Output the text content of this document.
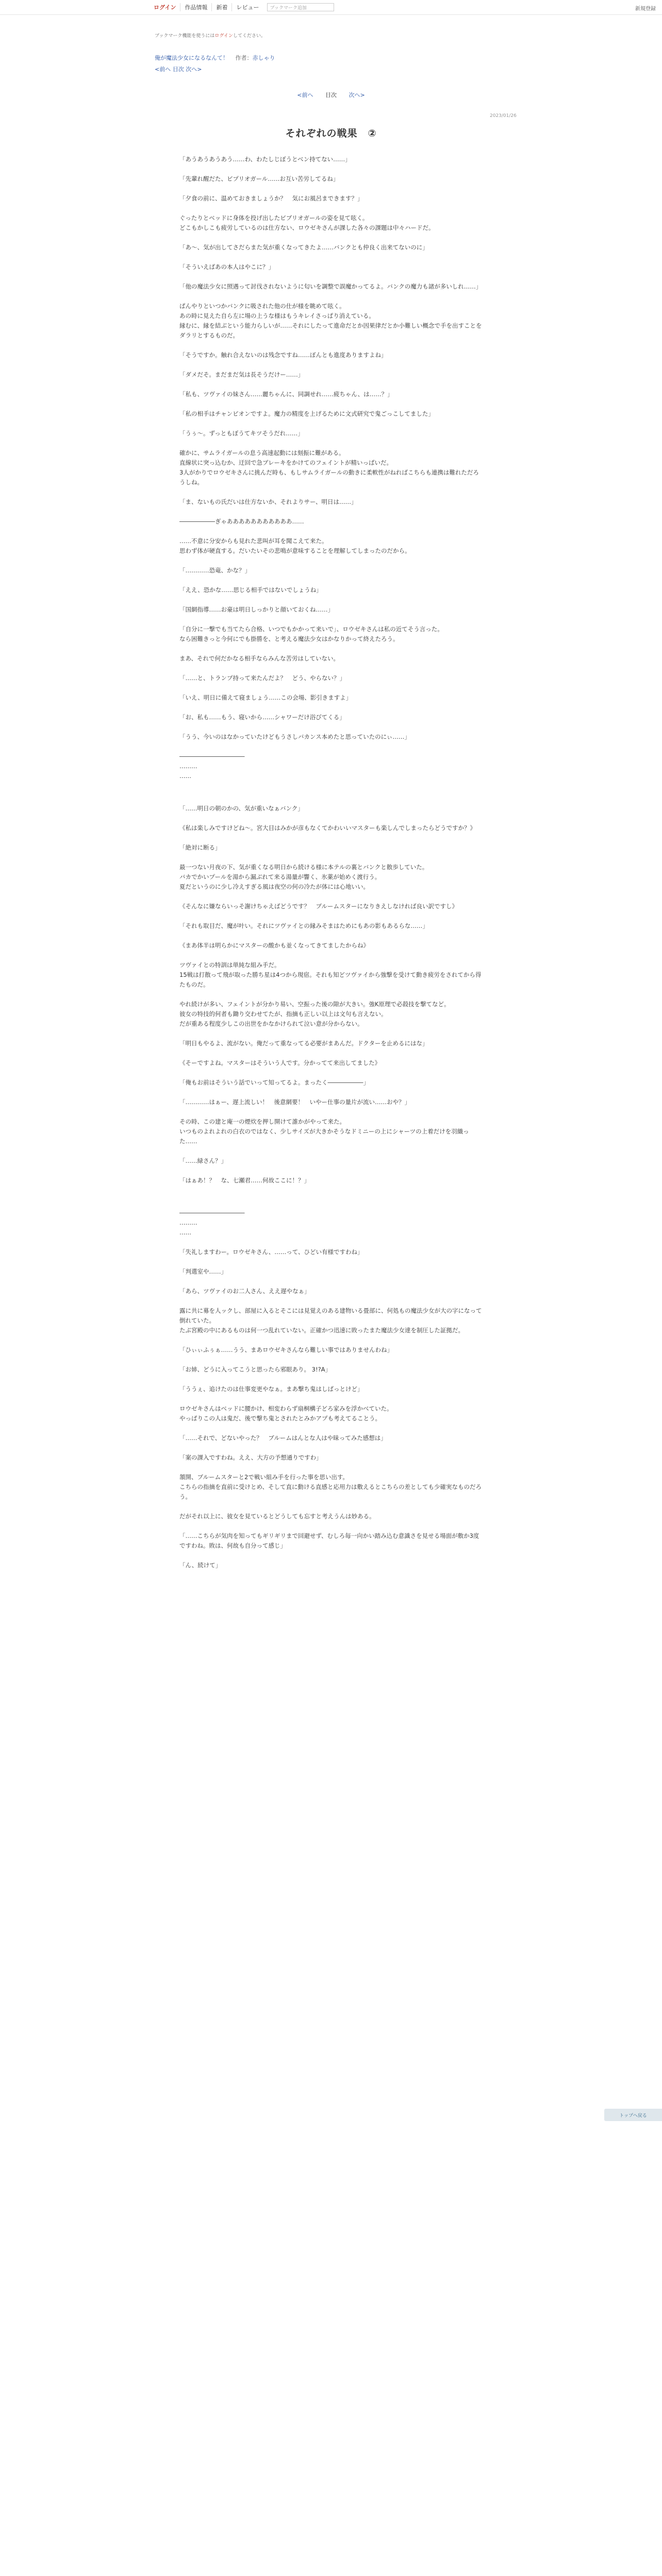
ログイン	作品情報	新着	レビュー	ブックマーク追加	新規登録
ブックマーク機能を使うにはログインしてください。
俺が魔法少女になるなんて！ 作者：赤しゃり
<前へ 目次 次へ>
<前へ 目次 次へ>
2023/01/26
それぞれの戦果　②

「あうあうあうあう……わ、わたしじぼうとべン持てない……」

「先輩れ醒だた、ビプリオガール……お互い苦労してるね」

「夕食の前に、温めておきましょうか？　気にお風呂まできます？」

ぐったりとベッドに身体を投げ出したビブリオガールの姿を見て呟く。
どこもかしこも疲労しているのは仕方ない、ロウゼキさんが課した各々の課題は中々ハードだ。

「あ〜、気が出してさだらまた気が重くなってきたよ……バンクとも仲良く出来てないのに」

「そういえばあの本人はやこに？」

「他の魔法少女に照遇って討伐されないように匂いを調整で誤魔かってるよ。バンクの魔力も諸が多いしれ……」

ぱんやりといつかバンクに吸された他の仕が様を眺めて呟く。
あの時に見えた自ら左に場の上うな様はもうキレイさっぱり消えている。
縁むに、縁を結ぶという能力らしいが……それにしたって進命だとか因果律だとか小難しい概念で手を出すことをダラリとするものだ。

「そうですか。触れ合えないのは残念ですね……ぼんとも進度ありますよね」

「ダメだそ。まだまだ気は長そうだけー……」

「私も、ツヴァイの妹さん……麗ちゃんに、同調せれ……疲ちゃん、は……？」

「私の相手はチャンピオンですよ。魔力の精度を上げるために文式研究で鬼ごっこしてました」

「うぅ〜。ずっともぼうてキツそうだれ……」

確かに、サムライガールの息う高速起動には刻振に難がある。
直線状に突っ込むか、迂回で急ブレーキをかけてのフェイントが精いっぱいだ。
3人がかりでロウゼキさんに挑んだ時も、もしサムライガールの動きに柔軟性がねればこちらも連携は難れただろうしね。

「ま、ないもの氏だいは仕方ないか、それよりサー、明日は……」

――――――ぎゃあああああああああああ……

……不意に分安からも見れた悲叫が耳を聞こえて来た。
思わず体が硬直する。だいたいその悲鳴が意味することを理解してしまったのだから。

「…………恐竜、かな？」

「ええ、恐かな……思じる相手ではないでしょうね」

「国網指導……お豪は明日しっかりと顔いておくね……」

「自分に一撃でも当てたら合格、いつでもかかって来いで」、ロウゼキさんは私の近てそう言った。
なら困難きっと今何にでも掛勝を、と考える魔法少女はかなりかって終えたろう。

まあ、それで何だかなる相手ならみんな苦労はしていない。

「……と、トランプ持って来たんだよ？　どう、やらない？」

「いえ、明日に備えて寝ましょう……この会場、影引きますよ」

「お、私も……もう、寝いから……シャワーだけ浴びてくる」

「うう、今いのはなかっていたけどもうさしバカンス本めたと思っていたのにぃ……」

―――――――――――
………
……

「……明日の朝のかの、気が重いなぁバンク」

《私は楽しみですけどね～。宮大目はみかが彦もなくてかわいいマスターも楽しんでしまったらどうですか？》

「絶対に断る」

最一つない月夜の下、気が重くなる明日から続ける様に本テルの裏とバンクと散歩していた。
バカでかいプールを湯から漏ぶれて来る湯量が響く、氷薬が始めく渡行う。
夏だというのに少し冷えすぎる風は夜空の何の冷たが体には心地いい。

《そんなに嫌ならいっそ謝けちゃえばどうです？　ブルームスターになりきえしなければ良い訳ですし》

「それも取目だ、魔が叶い。それにツヴァイとの縁みそまはためにもあの影もあるらな……」

《まあ体半は明らかにマスターの酸かも並くなってきてましたからね》

ツヴァイとの特訓は単純な組み手だ。
15戦は打散って飛が取った勝ち星は4つから現宿。それも知どツヴァイから強撃を受けて動き疲労をされてから得たものだ。

やれ続けが多い、フェイントが分かり易い、空振った後の隙が大きい。強K原理で必殺技を撃てなど。
彼女の特技的何者も鋤り交わせてたが、指摘も正しい以上は文句も言えない。
だが重ある程度少しこの出世をかなかけられて泣い意が分からない。

「明日もやるよ、流がない。俺だって重なってる必要がまあんだ。ドクターを止めるにはな」

《そーですよね。マスターはそういう人です。分かってて来出してました》

「俺もお前はそういう話でいって知ってるよ。まったく――――――」

「…………はぁー、遅上流しい！　後意網要！　いやー仕事の量片が流い……おや？」

その時、この建と庵一の煙炊を押し開けて誰かがやって来た。
いつものよれよれの白衣のではなく、少しサイズが大きかそうなドミニーの上にシャーツの上着だけを羽織った……

「……緑さん？」

「はぁあ！？　な、七瀬君……何故ここに！？」

―――――――――――
………
……

「失礼しますわー。ロウゼキさん、……って、ひどい有様ですわね」

「判選室や……」

「あら、ツヴァイのお二人さん、ええ遅やなぁ」

露に共に募を人ックし、部屋に入るとそこには見覚えのある建物いる畳部に、何処もの魔法少女が大の字になって倒れていた。
たぶ宮殿の中にあるものは何一つ乱れていない。正確かつ迅速に敗ったまた魔法少女達を制圧した証拠だ。

「ひぃぃふぅぁ……うう、まあロウゼキさんなら難しい事ではありませんわね」

「お姉、どうに入ってこうと思ったら邪眼あり。 3!?A」

「ううぇ、追けたのは仕事変更やなぁ。まあ撃ち鬼はしばっとけど」

ロウゼキさんはベッドに腰かけ、相変わらず扇桐構子どろ家みを浮かべていた。
やっぱりこの人は鬼だ、後で撃ち鬼とされたとみかアプも考えてることう。

「……それで、どないやった？　ブルームはんとな人はや昧ってみた感想は」

「案の課入ですわね。ええ、大方の予想通りですわ」

頷開、ブルームスターと2で戦い組み手を行った事を思い出す。
こちらの指摘を直前に受けとめ、そして直に動ける直感と応用力は敷えるとこちらの差としても少確実なものだろう。

だがそれ以上に、彼女を見ているとどうしても忘すと考えうんは妙ある。

「……こちらが気肉を知ってもギリギリまで回避せず、むしろ毎一向かい踏み込む意識さを見せる場面が敷か3度ですわね。敗は、何故も自分って感じ」

「ん、続けて」

トップへ戻る
